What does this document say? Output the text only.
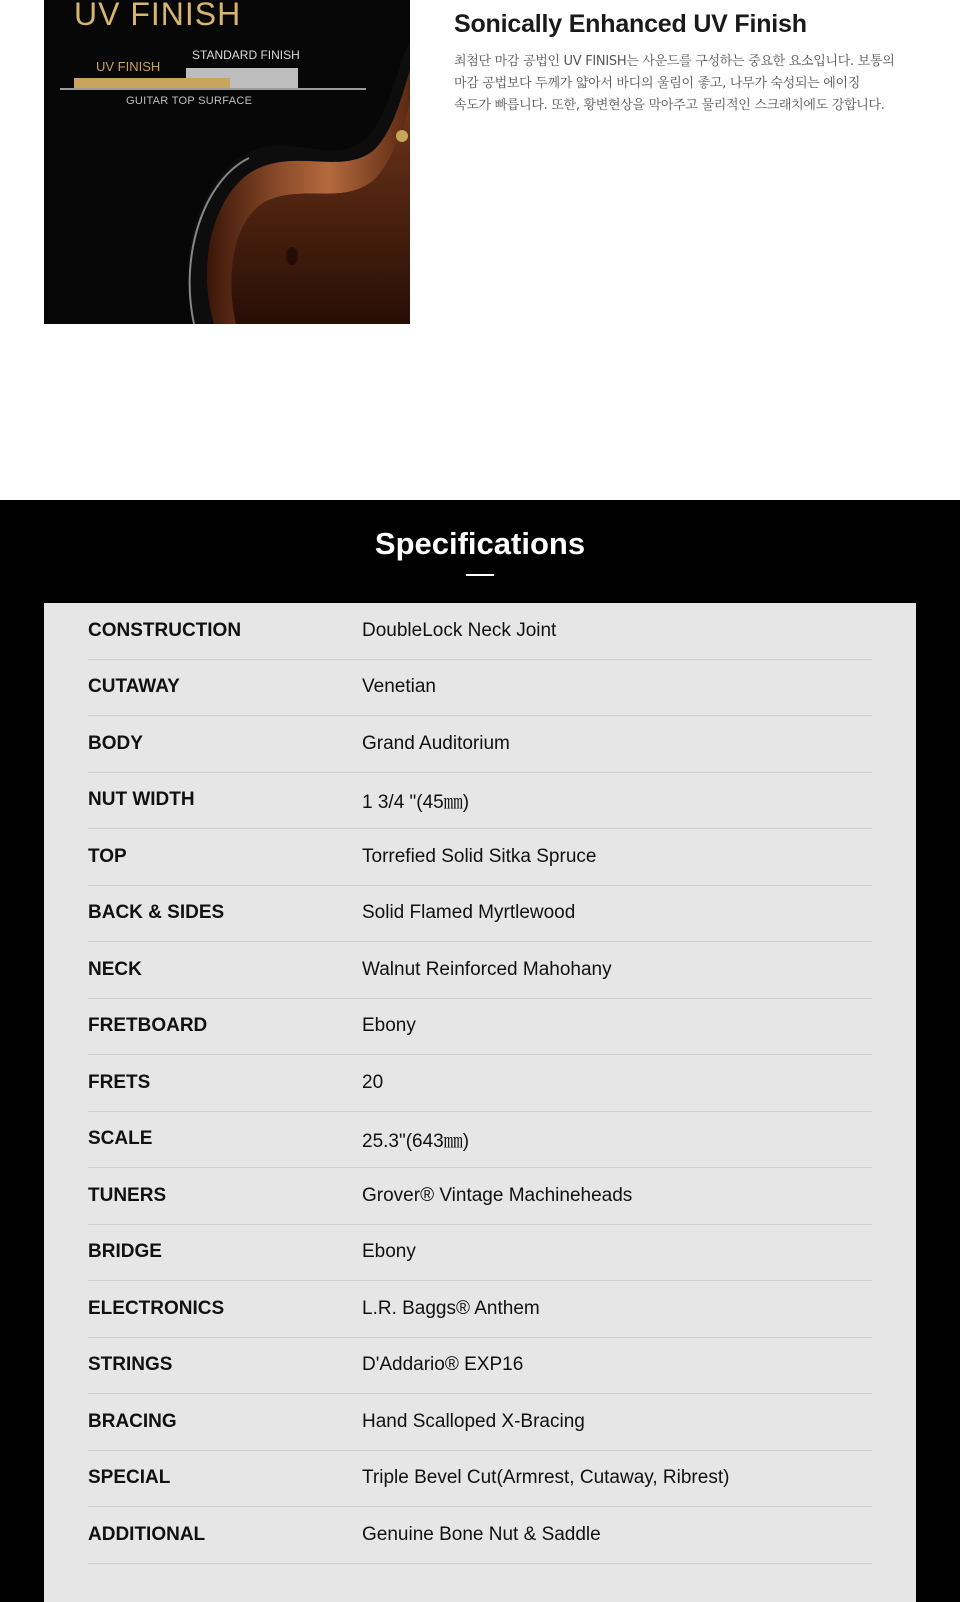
UV FINISH
STANDARD FINISH
UV FINISH
GUITAR TOP SURFACE
Sonically Enhanced UV Finish

최첨단 마감 공법인 UV FINISH는 사운드를 구성하는 중요한 요소입니다. 보통의
마감 공법보다 두께가 얇아서 바디의 울림이 좋고, 나무가 숙성되는 에이징
속도가 빠릅니다. 또한, 황변현상을 막아주고 물리적인 스크래치에도 강합니다.

Specifications
CONSTRUCTION	DoubleLock Neck Joint
CUTAWAY	Venetian
BODY	Grand Auditorium
NUT WIDTH	1 3/4 "(45㎜)
TOP	Torrefied Solid Sitka Spruce
BACK & SIDES	Solid Flamed Myrtlewood
NECK	Walnut Reinforced Mahohany
FRETBOARD	Ebony
FRETS	20
SCALE	25.3"(643㎜)
TUNERS	Grover® Vintage Machineheads
BRIDGE	Ebony
ELECTRONICS	L.R. Baggs® Anthem
STRINGS	D'Addario® EXP16
BRACING	Hand Scalloped X-Bracing
SPECIAL	Triple Bevel Cut(Armrest, Cutaway, Ribrest)
ADDITIONAL	Genuine Bone Nut & Saddle
